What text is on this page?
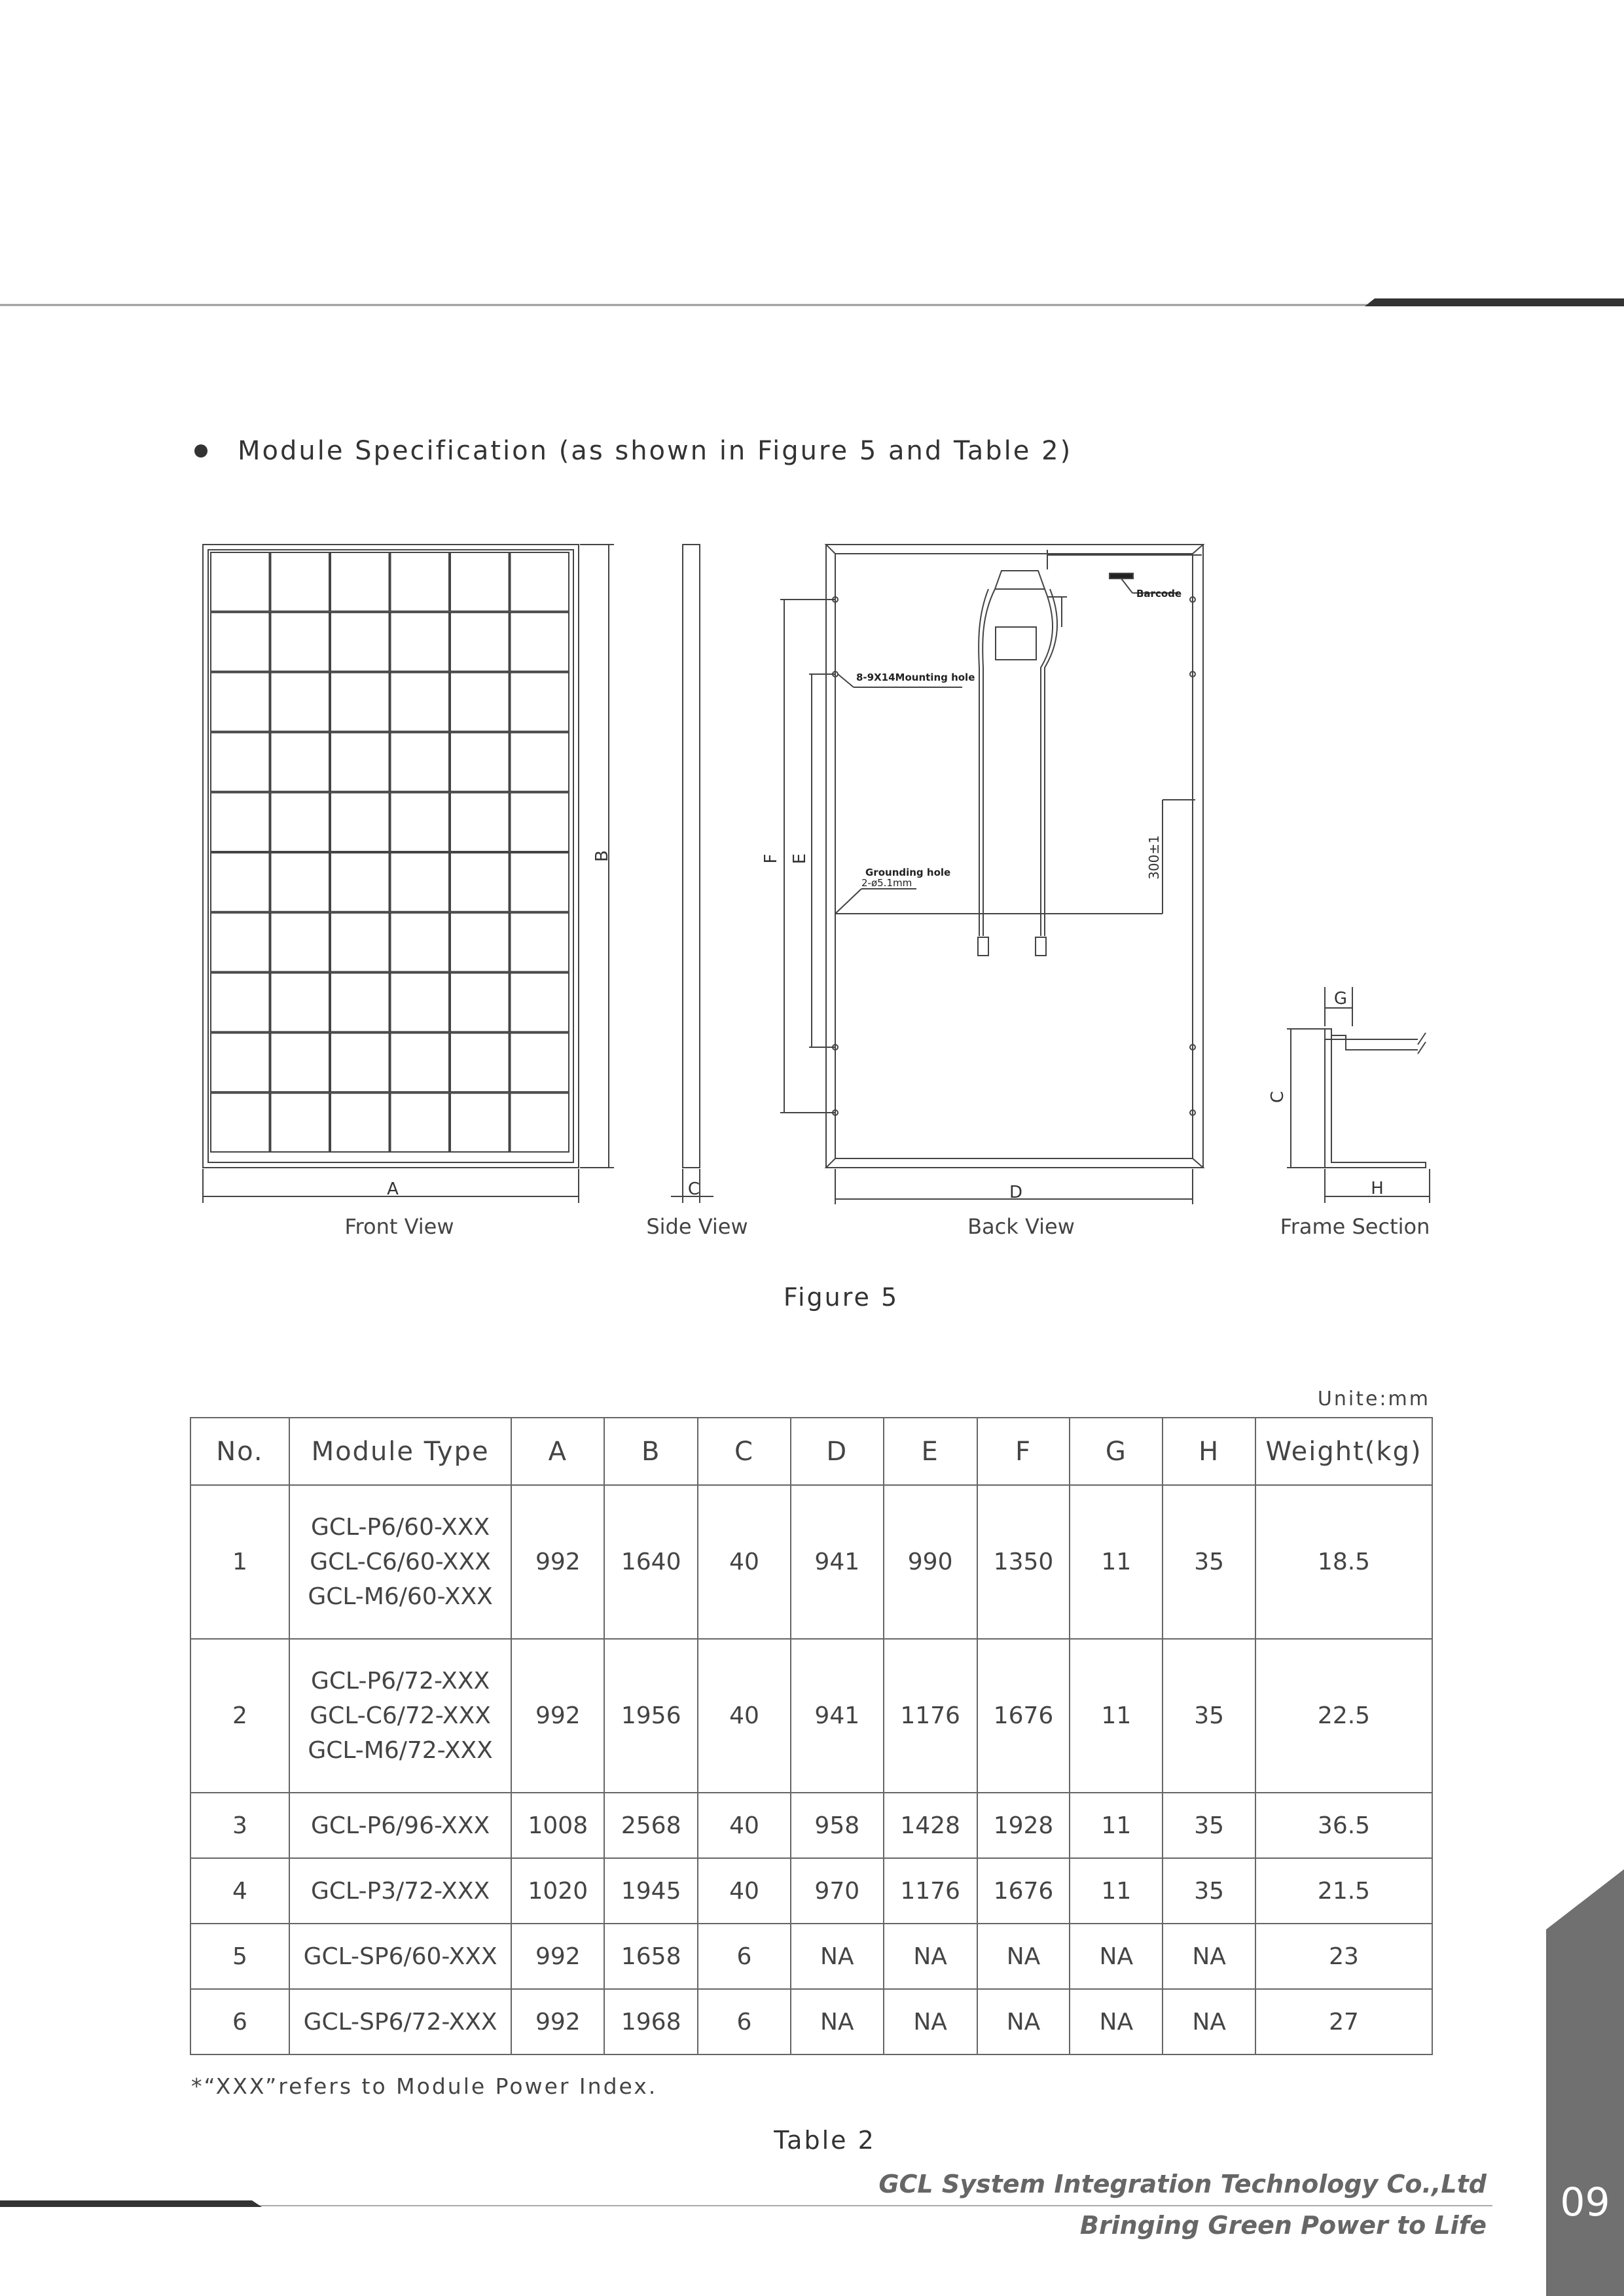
Module Specification (as shown in Figure 5 and Table 2)
A
B
C	D
E
F
G
H
C
300±1
Barcode
8-9X14Mounting hole
Grounding hole
2-ø5.1mm
Front View	Side View	Back View	Frame Section
Figure 5
Unite:mm
No.	Module Type	A	B	C	D	E	F	G	H	Weight(kg)
1	GCL-P6/60-XXX
GCL-C6/60-XXX
GCL-M6/60-XXX	992	1640	40	941	990	1350	11	35	18.5
2	GCL-P6/72-XXX
GCL-C6/72-XXX
GCL-M6/72-XXX	992	1956	40	941	1176	1676	11	35	22.5
3	GCL-P6/96-XXX	1008	2568	40	958	1428	1928	11	35	36.5
4	GCL-P3/72-XXX	1020	1945	40	970	1176	1676	11	35	21.5
5	GCL-SP6/60-XXX	992	1658	6	NA	NA	NA	NA	NA	23
6	GCL-SP6/72-XXX	992	1968	6	NA	NA	NA	NA	NA	27
*“XXX”refers to Module Power Index.
Table 2
GCL System Integration Technology Co.,Ltd
Bringing Green Power to Life	09
